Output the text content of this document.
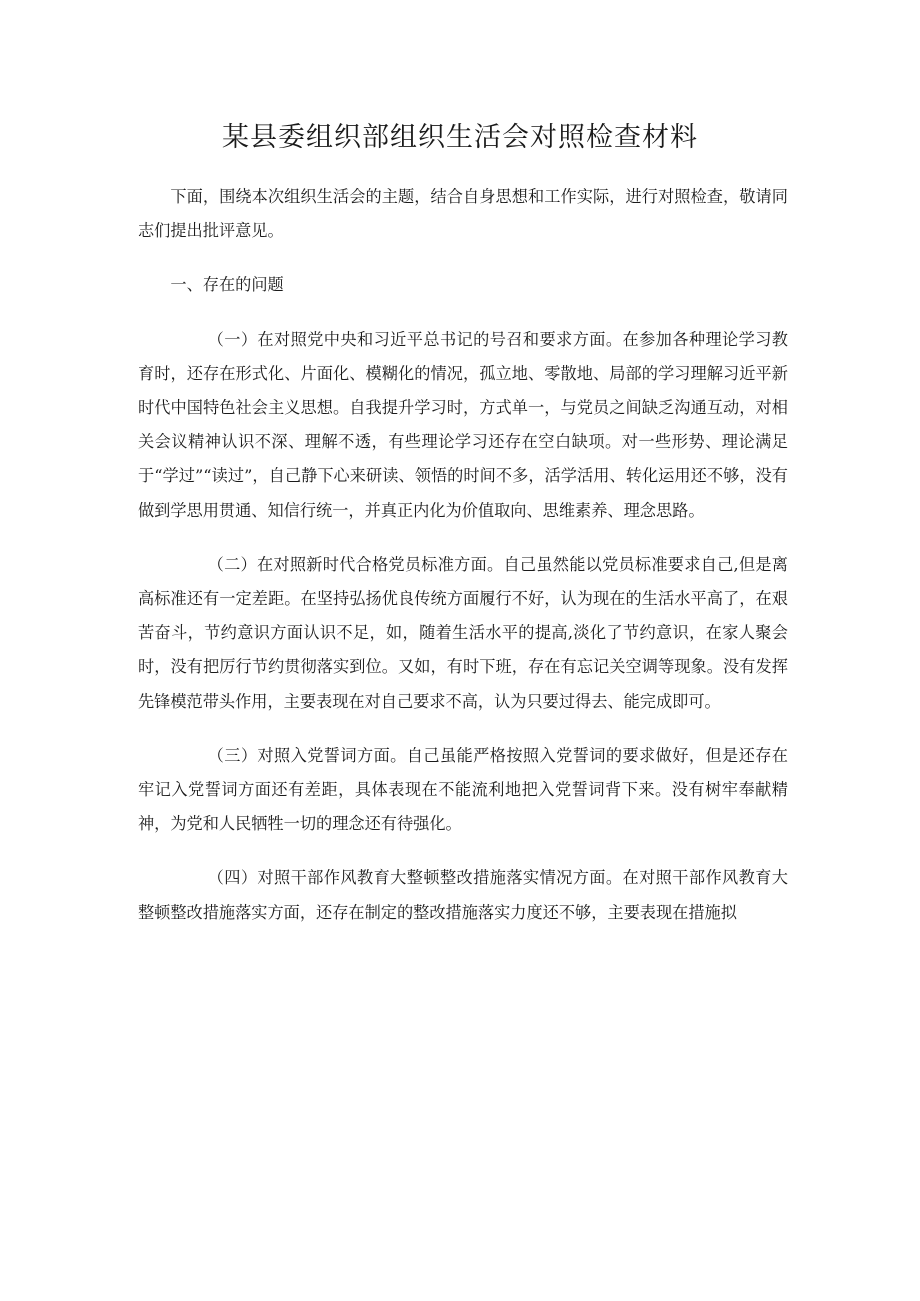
某县委组织部组织生活会对照检查材料

下面，围绕本次组织生活会的主题，结合自身思想和工作实际，进行对照检查，敬请同志们提出批评意见。

一、存在的问题

（一）在对照党中央和习近平总书记的号召和要求方面。在参加各种理论学习教育时，还存在形式化、片面化、模糊化的情况，孤立地、零散地、局部的学习理解习近平新时代中国特色社会主义思想。自我提升学习时，方式单一，与党员之间缺乏沟通互动，对相关会议精神认识不深、理解不透，有些理论学习还存在空白缺项。对一些形势、理论满足于“学过”“读过”，自己静下心来研读、领悟的时间不多，活学活用、转化运用还不够，没有做到学思用贯通、知信行统一，并真正内化为价值取向、思维素养、理念思路。

（二）在对照新时代合格党员标准方面。自己虽然能以党员标准要求自己,但是离高标准还有一定差距。在坚持弘扬优良传统方面履行不好，认为现在的生活水平高了，在艰苦奋斗，节约意识方面认识不足，如，随着生活水平的提高,淡化了节约意识，在家人聚会时，没有把厉行节约贯彻落实到位。又如，有时下班，存在有忘记关空调等现象。没有发挥先锋模范带头作用，主要表现在对自己要求不高，认为只要过得去、能完成即可。

（三）对照入党誓词方面。自己虽能严格按照入党誓词的要求做好，但是还存在牢记入党誓词方面还有差距，具体表现在不能流利地把入党誓词背下来。没有树牢奉献精神，为党和人民牺牲一切的理念还有待强化。

（四）对照干部作风教育大整顿整改措施落实情况方面。在对照干部作风教育大整顿整改措施落实方面，还存在制定的整改措施落实力度还不够，主要表现在措施拟
